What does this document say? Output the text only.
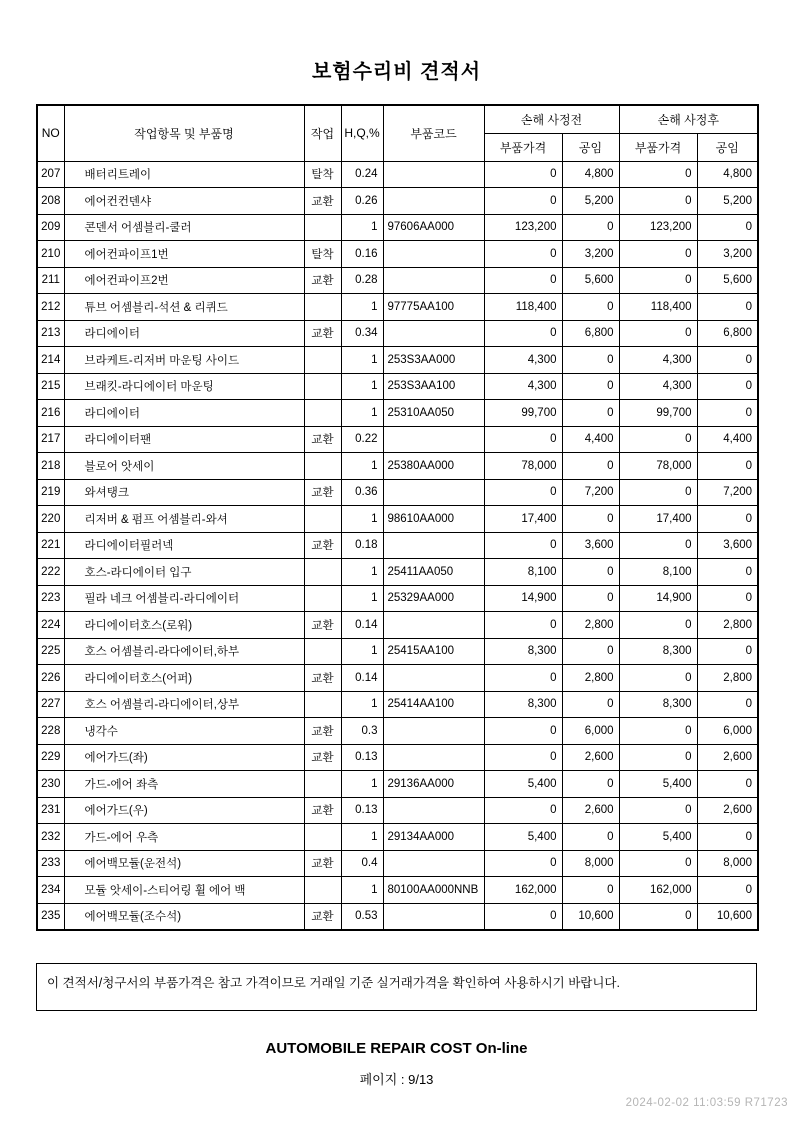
보험수리비 견적서
NO	작업항목 및 부품명	작업	H,Q,%	부품코드	손해 사정전		손해 사정후	
					부품가격	공임	부품가격	공임
207	배터리트레이	탈착	0.24		0	4,800	0	4,800
208	에어컨컨덴샤	교환	0.26		0	5,200	0	5,200
209	콘덴서 어셈블리-쿨러		1	97606AA000	123,200	0	123,200	0
210	에어컨파이프1번	탈착	0.16		0	3,200	0	3,200
211	에어컨파이프2번	교환	0.28		0	5,600	0	5,600
212	튜브 어셈블리-석션 & 리퀴드		1	97775AA100	118,400	0	118,400	0
213	라디에이터	교환	0.34		0	6,800	0	6,800
214	브라케트-리저버 마운팅 사이드		1	253S3AA000	4,300	0	4,300	0
215	브래킷-라디에이터 마운팅		1	253S3AA100	4,300	0	4,300	0
216	라디에이터		1	25310AA050	99,700	0	99,700	0
217	라디에이터팬	교환	0.22		0	4,400	0	4,400
218	블로어 앗세이		1	25380AA000	78,000	0	78,000	0
219	와셔탱크	교환	0.36		0	7,200	0	7,200
220	리저버 & 펌프 어셈블리-와셔		1	98610AA000	17,400	0	17,400	0
221	라디에이터필러넥	교환	0.18		0	3,600	0	3,600
222	호스-라디에이터 입구		1	25411AA050	8,100	0	8,100	0
223	필라 네크 어셈블리-라디에이터		1	25329AA000	14,900	0	14,900	0
224	라디에이터호스(로워)	교환	0.14		0	2,800	0	2,800
225	호스 어셈블리-라다에이터,하부		1	25415AA100	8,300	0	8,300	0
226	라디에이터호스(어퍼)	교환	0.14		0	2,800	0	2,800
227	호스 어셈블리-라디에이터,상부		1	25414AA100	8,300	0	8,300	0
228	냉각수	교환	0.3		0	6,000	0	6,000
229	에어가드(좌)	교환	0.13		0	2,600	0	2,600
230	가드-에어 좌측		1	29136AA000	5,400	0	5,400	0
231	에어가드(우)	교환	0.13		0	2,600	0	2,600
232	가드-에어 우측		1	29134AA000	5,400	0	5,400	0
233	에어백모듈(운전석)	교환	0.4		0	8,000	0	8,000
234	모듈 앗세이-스티어링 휠 에어 백		1	80100AA000NNB	162,000	0	162,000	0
235	에어백모듈(조수석)	교환	0.53		0	10,600	0	10,600
이 견적서/청구서의 부품가격은 참고 가격이므로 거래일 기준 실거래가격을 확인하여 사용하시기 바랍니다.
AUTOMOBILE REPAIR COST On-line
페이지 : 9/13
2024-02-02 11:03:59 R71723
